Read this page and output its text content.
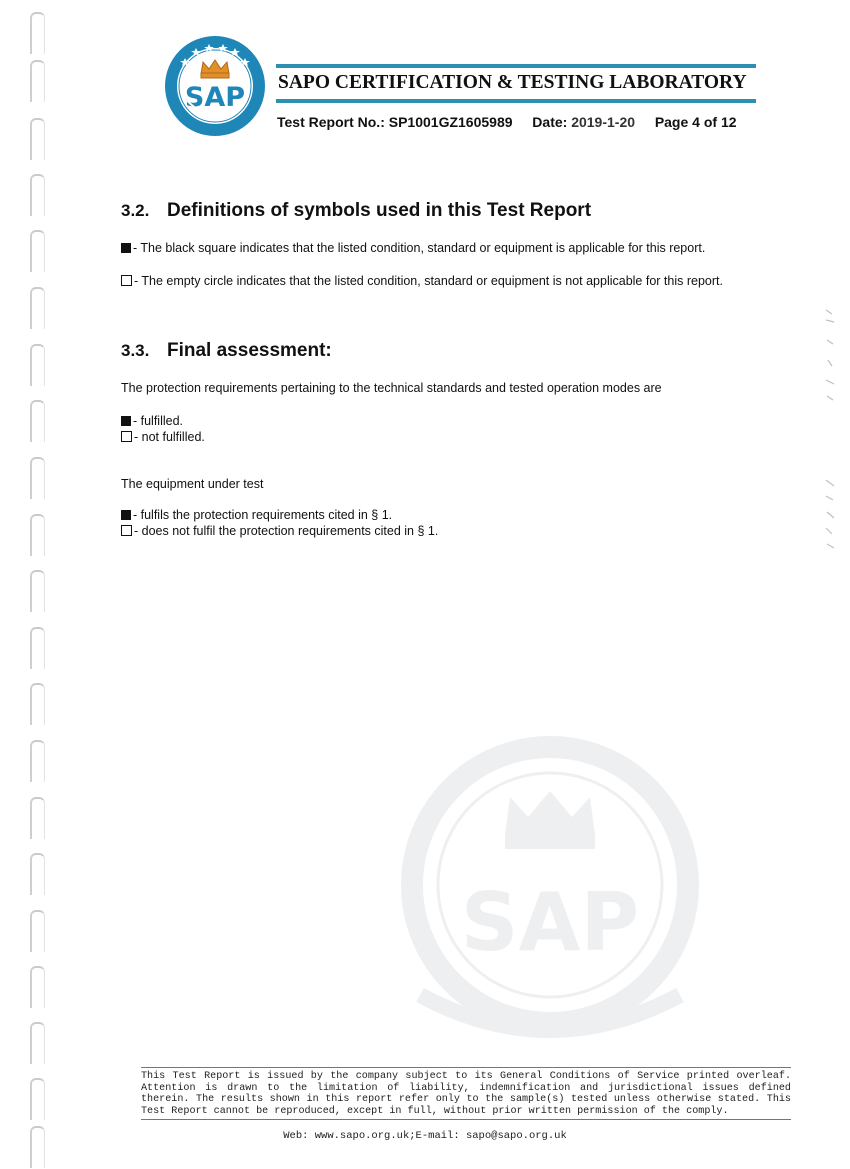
SAP SAPO CERTIFICATION & TESTING LABORATORY
Test Report No.: SP1001GZ1605989 Date: 2019-1-20 Page 4 of 12
3.2. Definitions of symbols used in this Test Report
- The black square indicates that the listed condition, standard or equipment is applicable for this report.
- The empty circle indicates that the listed condition, standard or equipment is not applicable for this report.
3.3. Final assessment:
The protection requirements pertaining to the technical standards and tested operation modes are
- fulfilled.
- not fulfilled.
The equipment under test
- fulfils the protection requirements cited in § 1.
- does not fulfil the protection requirements cited in § 1.
SAP
This Test Report is issued by the company subject to its General Conditions of Service printed overleaf. Attention is drawn to the limitation of liability, indemnification and jurisdictional issues defined therein. The results shown in this report refer only to the sample(s) tested unless otherwise stated. This Test Report cannot be reproduced, except in full, without prior written permission of the comply.
Web: www.sapo.org.uk;E-mail: sapo@sapo.org.uk
